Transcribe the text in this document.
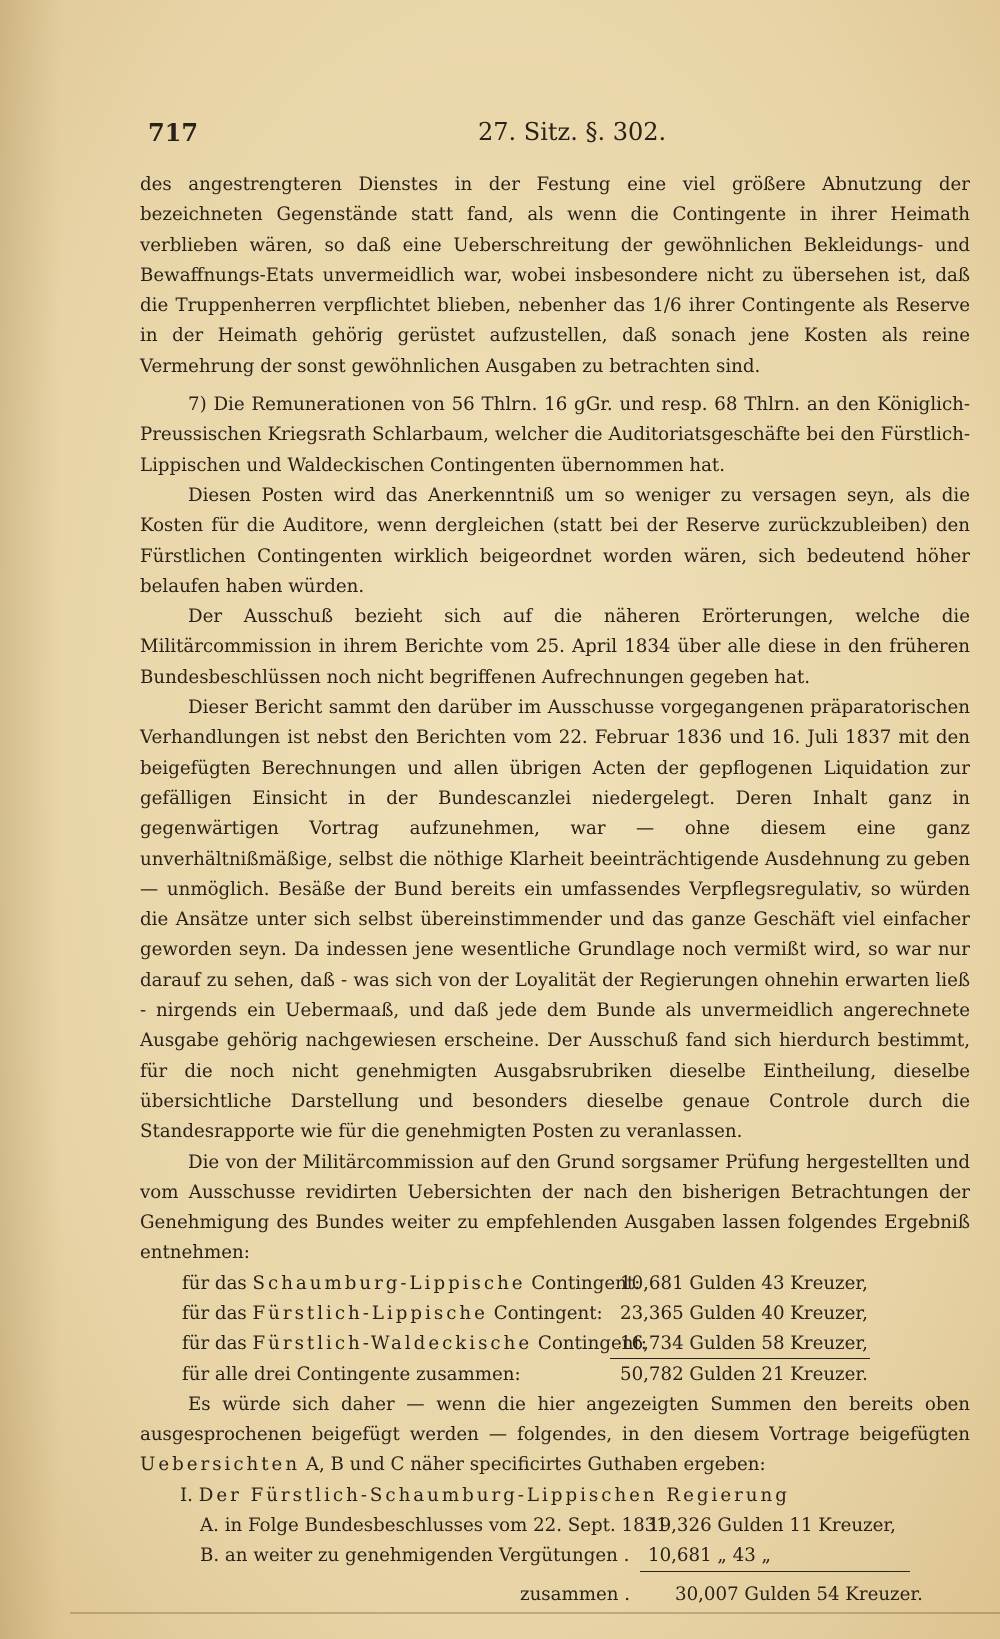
717	27. Sitz. §. 302.

des angestrengteren Dienstes in der Festung eine viel größere Abnutzung der bezeichneten Gegenstände statt fand, als wenn die Contingente in ihrer Heimath verblieben wären, so daß eine Ueberschreitung der gewöhnlichen Bekleidungs- und Bewaffnungs-Etats unvermeidlich war, wobei insbesondere nicht zu übersehen ist, daß die Truppenherren verpflichtet blieben, nebenher das 1/6 ihrer Contingente als Reserve in der Heimath gehörig gerüstet aufzustellen, daß sonach jene Kosten als reine Vermehrung der sonst gewöhnlichen Ausgaben zu betrachten sind.

7) Die Remunerationen von 56 Thlrn. 16 gGr. und resp. 68 Thlrn. an den Königlich-Preussischen Kriegsrath Schlarbaum, welcher die Auditoriatsgeschäfte bei den Fürstlich-Lippischen und Waldeckischen Contingenten übernommen hat.

Diesen Posten wird das Anerkenntniß um so weniger zu versagen seyn, als die Kosten für die Auditore, wenn dergleichen (statt bei der Reserve zurückzubleiben) den Fürstlichen Contingenten wirklich beigeordnet worden wären, sich bedeutend höher belaufen haben würden.

Der Ausschuß bezieht sich auf die näheren Erörterungen, welche die Militärcommission in ihrem Berichte vom 25. April 1834 über alle diese in den früheren Bundesbeschlüssen noch nicht begriffenen Aufrechnungen gegeben hat.

Dieser Bericht sammt den darüber im Ausschusse vorgegangenen präparatorischen Verhandlungen ist nebst den Berichten vom 22. Februar 1836 und 16. Juli 1837 mit den beigefügten Berechnungen und allen übrigen Acten der gepflogenen Liquidation zur gefälligen Einsicht in der Bundescanzlei niedergelegt. Deren Inhalt ganz in gegenwärtigen Vortrag aufzunehmen, war — ohne diesem eine ganz unverhältnißmäßige, selbst die nöthige Klarheit beeinträchtigende Ausdehnung zu geben — unmöglich. Besäße der Bund bereits ein umfassendes Verpflegsregulativ, so würden die Ansätze unter sich selbst übereinstimmender und das ganze Geschäft viel einfacher geworden seyn. Da indessen jene wesentliche Grundlage noch vermißt wird, so war nur darauf zu sehen, daß - was sich von der Loyalität der Regierungen ohnehin erwarten ließ - nirgends ein Uebermaaß, und daß jede dem Bunde als unvermeidlich angerechnete Ausgabe gehörig nachgewiesen erscheine. Der Ausschuß fand sich hierdurch bestimmt, für die noch nicht genehmigten Ausgabsrubriken dieselbe Eintheilung, dieselbe übersichtliche Darstellung und besonders dieselbe genaue Controle durch die Standesrapporte wie für die genehmigten Posten zu veranlassen.

Die von der Militärcommission auf den Grund sorgsamer Prüfung hergestellten und vom Ausschusse revidirten Uebersichten der nach den bisherigen Betrachtungen der Genehmigung des Bundes weiter zu empfehlenden Ausgaben lassen folgendes Ergebniß entnehmen:

für das Schaumburg-Lippische Contingent:
10,681 Gulden 43 Kreuzer,
für das Fürstlich-Lippische Contingent: 23,365 Gulden 40 Kreuzer,
für das Fürstlich-Waldeckische Contingent:
16,734 Gulden 58 Kreuzer,
für alle drei Contingente zusammen:	50,782 Gulden 21 Kreuzer.

Es würde sich daher — wenn die hier angezeigten Summen den bereits oben ausgesprochenen beigefügt werden — folgendes, in den diesem Vortrage beigefügten Uebersichten A, B und C näher specificirtes Guthaben ergeben:

I. Der Fürstlich-Schaumburg-Lippischen Regierung
A. in Folge Bundesbeschlusses vom 22. Sept. 1831
19,326 Gulden 11 Kreuzer,
B. an weiter zu genehmigenden Vergütungen . 10,681 „ 43 „
zusammen . 30,007 Gulden 54 Kreuzer.
